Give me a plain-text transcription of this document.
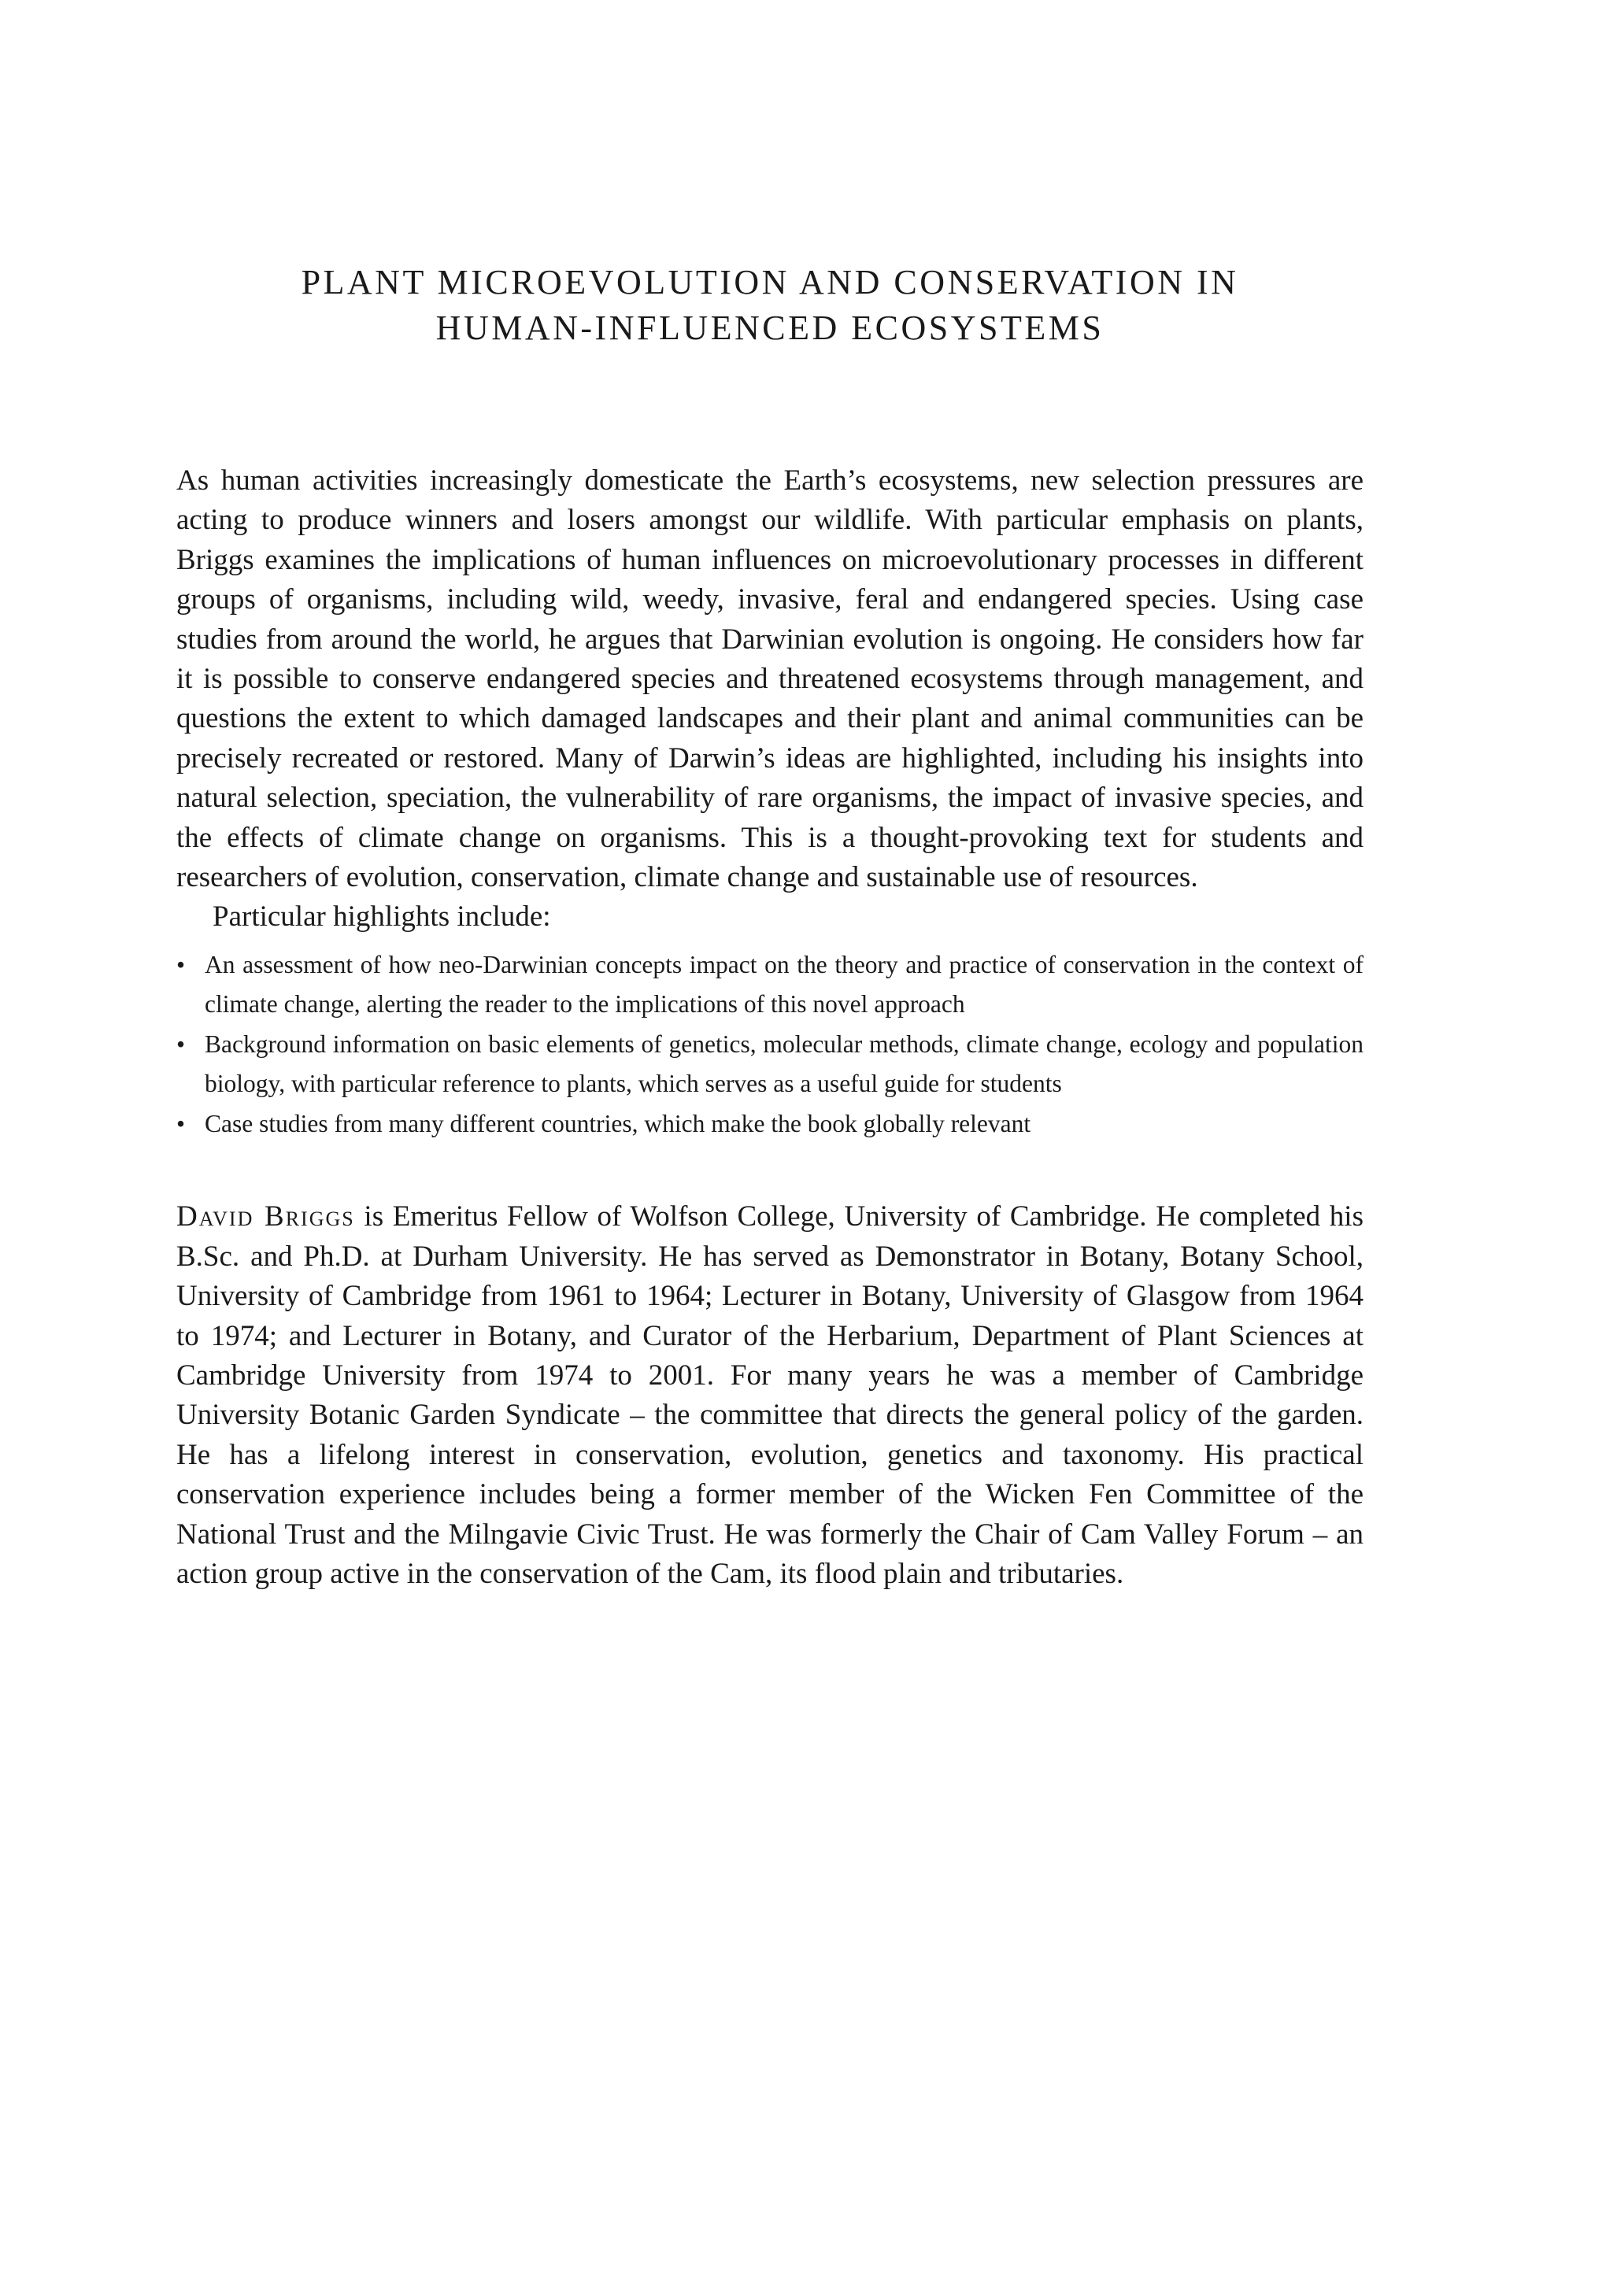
PLANT MICROEVOLUTION AND CONSERVATION IN
HUMAN-INFLUENCED ECOSYSTEMS

As human activities increasingly domesticate the Earth’s ecosystems, new selection pressures are acting to produce winners and losers amongst our wildlife. With particular emphasis on plants, Briggs examines the implications of human influences on microevolutionary processes in different groups of organisms, including wild, weedy, invasive, feral and endangered species. Using case studies from around the world, he argues that Darwinian evolution is ongoing. He considers how far it is possible to conserve endangered species and threatened ecosystems through management, and questions the extent to which damaged landscapes and their plant and animal communities can be precisely recreated or restored. Many of Darwin’s ideas are highlighted, including his insights into natural selection, speciation, the vulnerability of rare organisms, the impact of invasive species, and the effects of climate change on organisms. This is a thought-provoking text for students and researchers of evolution, conservation, climate change and sustainable use of resources.

Particular highlights include:

• An assessment of how neo-Darwinian concepts impact on the theory and practice of conservation in the context of climate change, alerting the reader to the implications of this novel approach
• Background information on basic elements of genetics, molecular methods, climate change, ecology and population biology, with particular reference to plants, which serves as a useful guide for students
• Case studies from many different countries, which make the book globally relevant

David Briggs is Emeritus Fellow of Wolfson College, University of Cambridge. He completed his B.Sc. and Ph.D. at Durham University. He has served as Demonstrator in Botany, Botany School, University of Cambridge from 1961 to 1964; Lecturer in Botany, University of Glasgow from 1964 to 1974; and Lecturer in Botany, and Curator of the Herbarium, Department of Plant Sciences at Cambridge University from 1974 to 2001. For many years he was a member of Cambridge University Botanic Garden Syndicate – the committee that directs the general policy of the garden. He has a lifelong interest in conservation, evolution, genetics and taxonomy. His practical conservation experience includes being a former member of the Wicken Fen Committee of the National Trust and the Milngavie Civic Trust. He was formerly the Chair of Cam Valley Forum – an action group active in the conservation of the Cam, its flood plain and tributaries.
